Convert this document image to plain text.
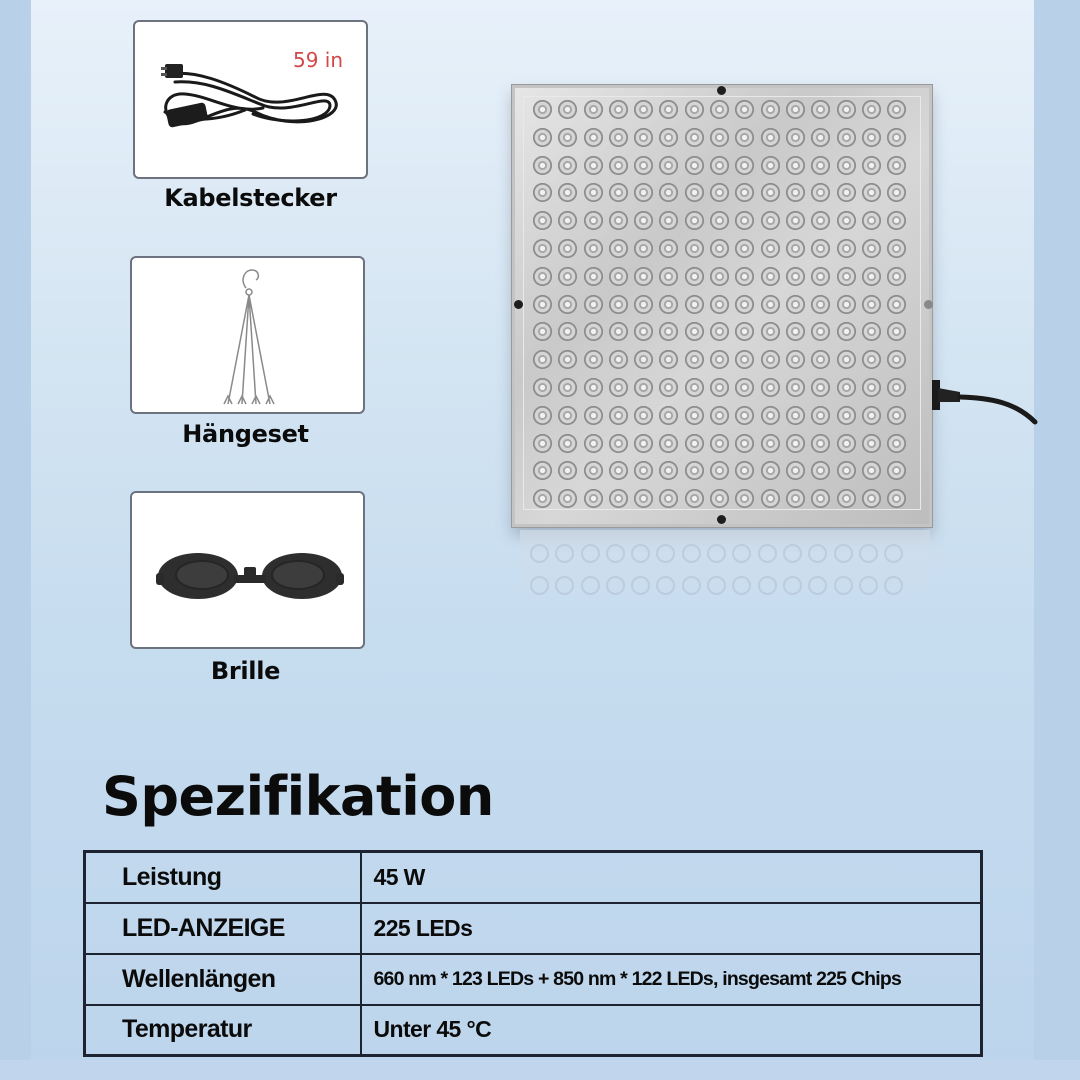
59 in
Kabelstecker
Hängeset
Brille
Spezifikation
Leistung	45 W
LED-ANZEIGE	225 LEDs
Wellenlängen	660 nm * 123 LEDs + 850 nm * 122 LEDs, insgesamt 225 Chips
Temperatur	Unter 45 °C
